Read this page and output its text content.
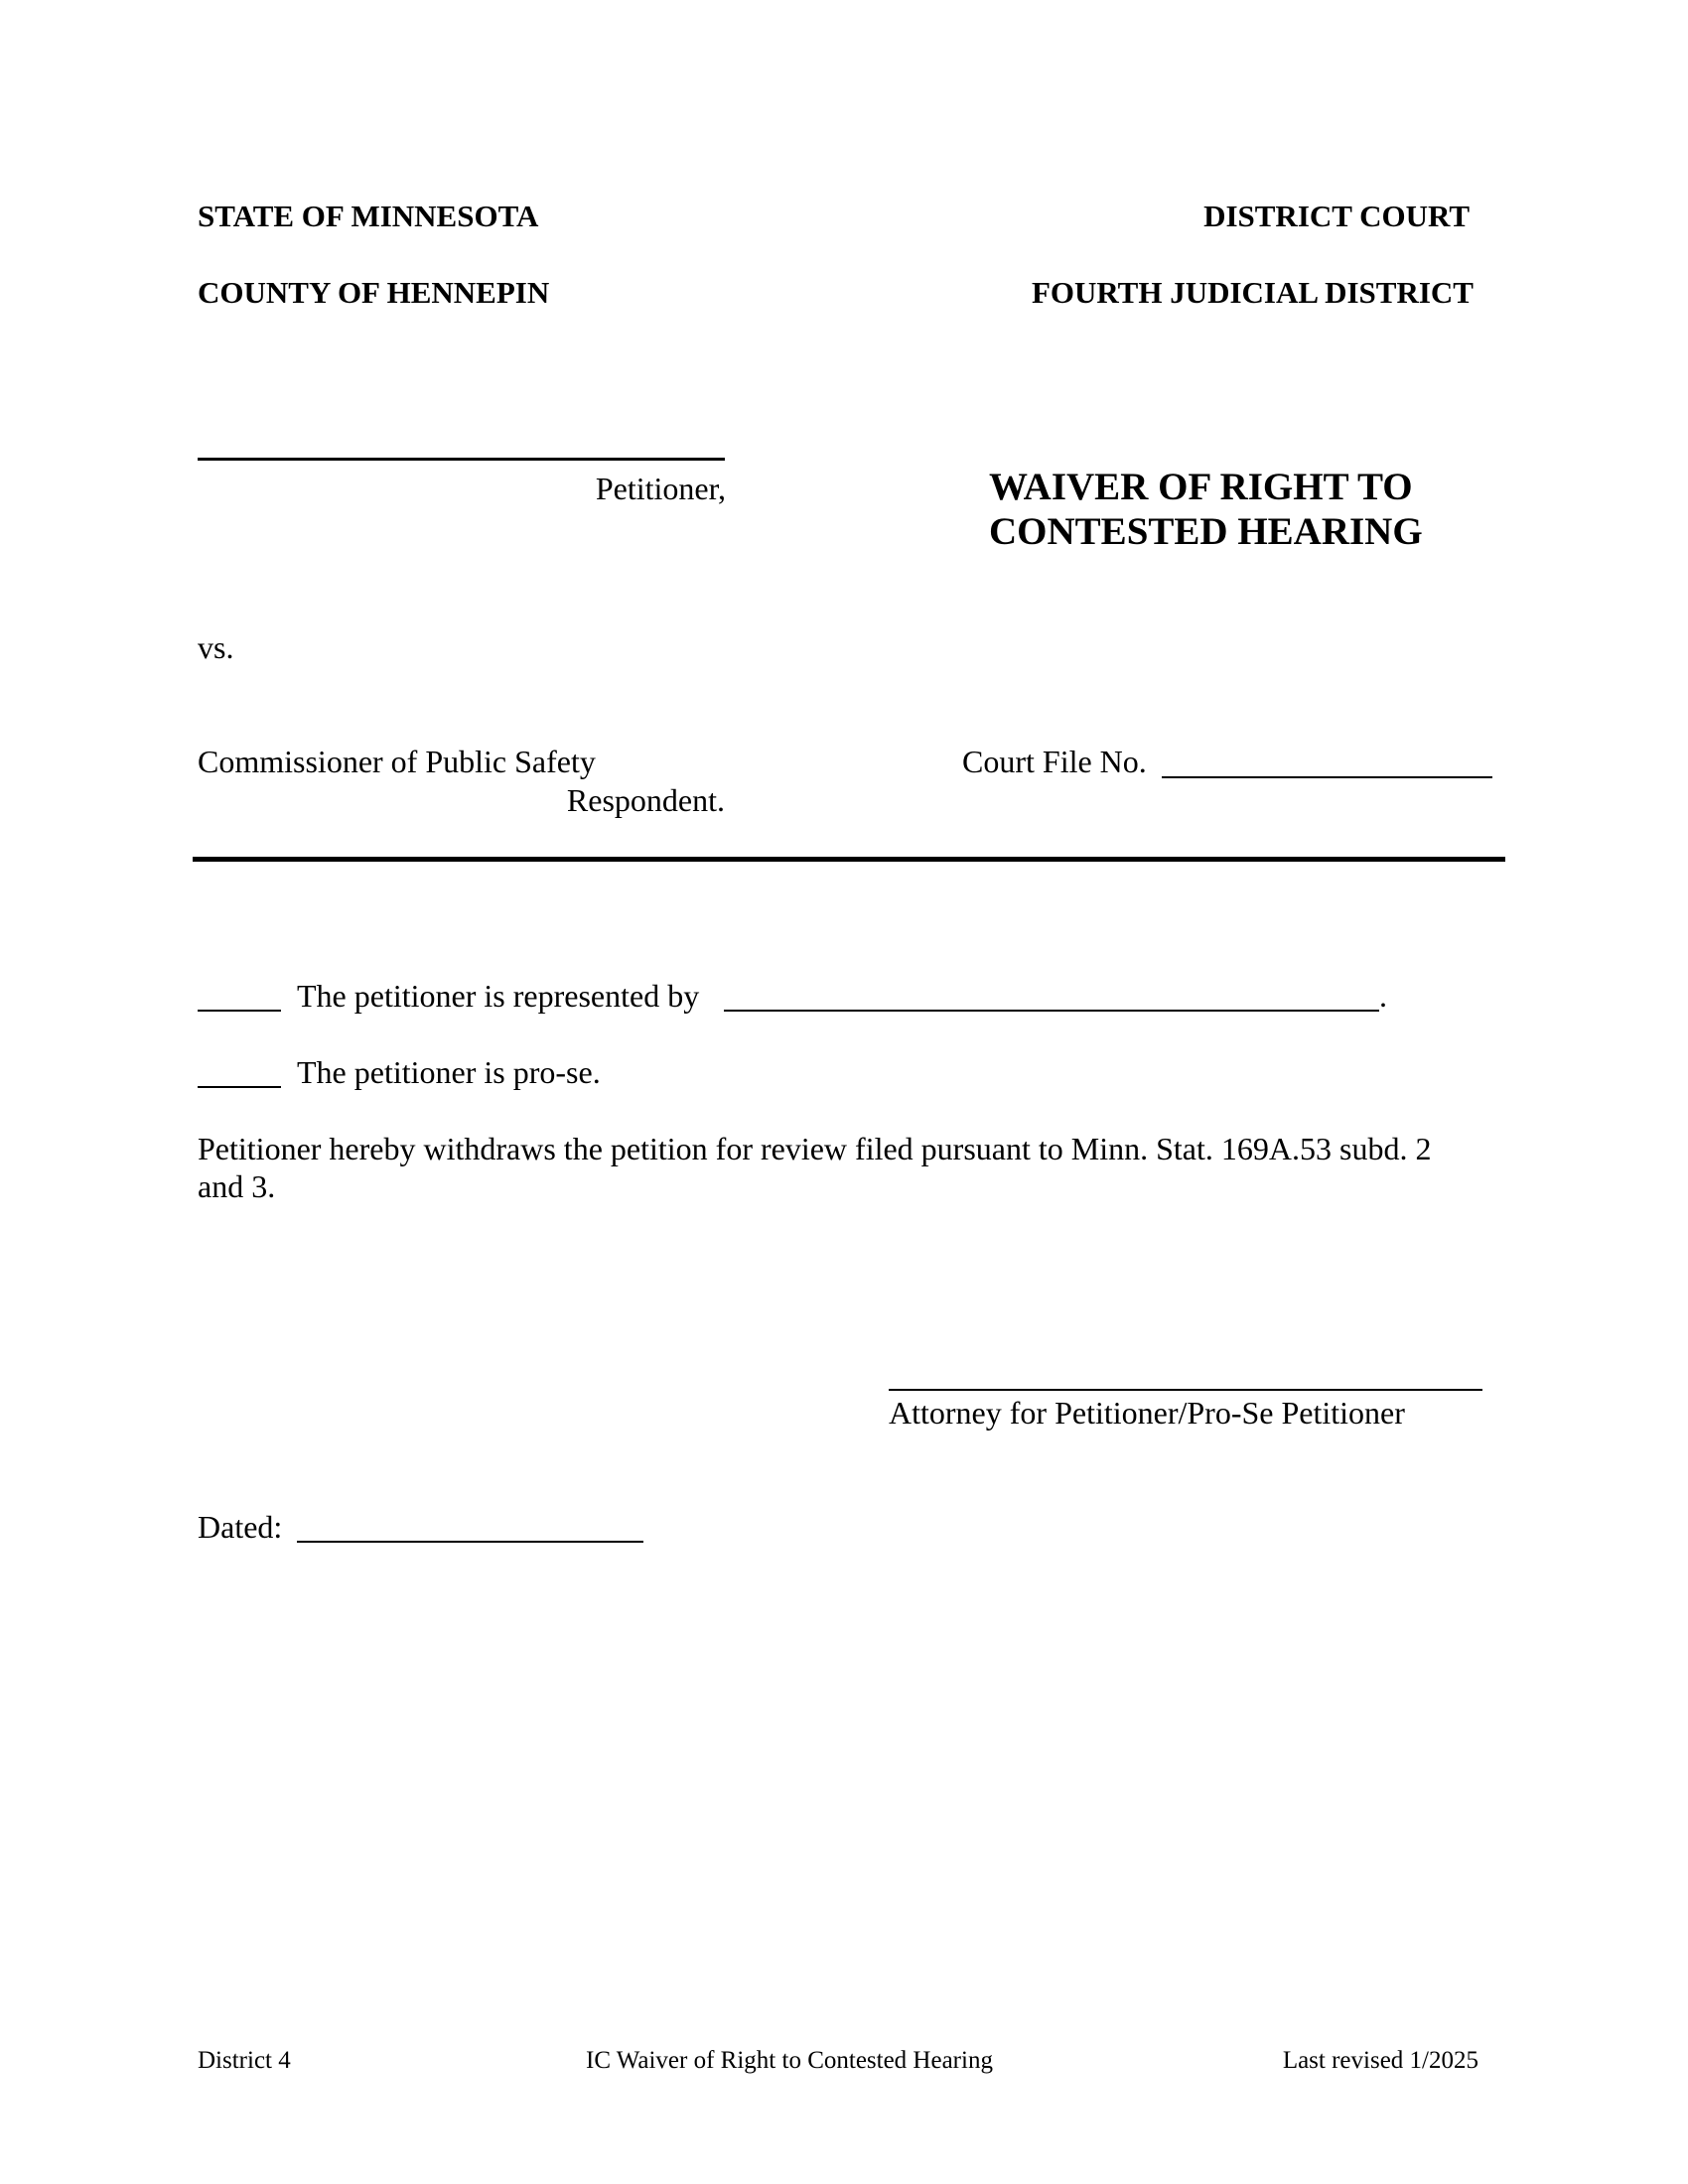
STATE OF MINNESOTA	DISTRICT COURT
COUNTY OF HENNEPIN	FOURTH JUDICIAL DISTRICT
Petitioner,	WAIVER OF RIGHT TO
CONTESTED HEARING
vs.
Commissioner of Public Safety
Respondent.
Court File No.
The petitioner is represented by	.
The petitioner is pro-se.
Petitioner hereby withdraws the petition for review filed pursuant to Minn. Stat. 169A.53 subd. 2
and 3.
Attorney for Petitioner/Pro-Se Petitioner
Dated:
District 4	IC Waiver of Right to Contested Hearing	Last revised 1/2025
